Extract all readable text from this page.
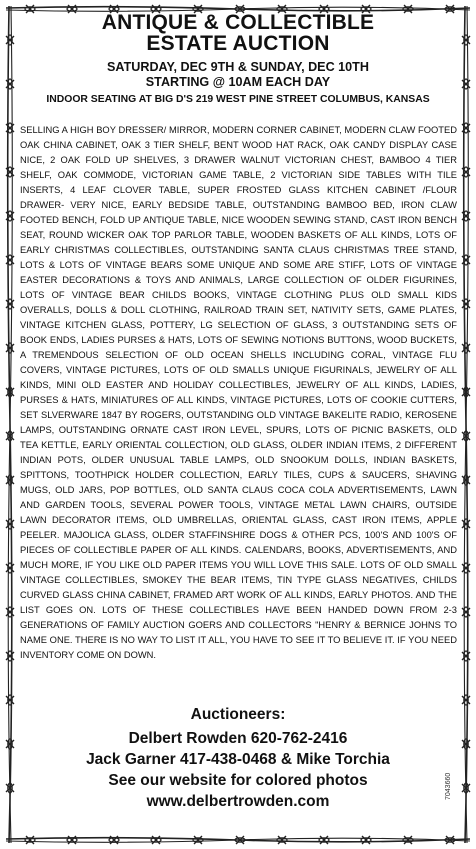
ANTIQUE & COLLECTIBLE
ESTATE AUCTION
SATURDAY, DEC 9TH & SUNDAY, DEC 10TH
STARTING @ 10AM EACH DAY
INDOOR SEATING AT BIG D'S 219 WEST PINE STREET COLUMBUS, KANSAS
SELLING A HIGH BOY DRESSER/ MIRROR, MODERN CORNER CABINET, MODERN CLAW FOOTED OAK CHINA CABINET, OAK 3 TIER SHELF, BENT WOOD HAT RACK, OAK CANDY DISPLAY CASE NICE, 2 OAK FOLD UP SHELVES, 3 DRAWER WALNUT VICTORIAN CHEST, BAMBOO 4 TIER SHELF, OAK COMMODE, VICTORIAN GAME TABLE, 2 VICTORIAN SIDE TABLES WITH TILE INSERTS, 4 LEAF CLOVER TABLE, SUPER FROSTED GLASS KITCHEN CABINET /FLOUR DRAWER- VERY NICE, EARLY BEDSIDE TABLE, OUTSTANDING BAMBOO BED, IRON CLAW FOOTED BENCH, FOLD UP ANTIQUE TABLE, NICE WOODEN SEWING STAND, CAST IRON BENCH SEAT, ROUND WICKER OAK TOP PARLOR TABLE, WOODEN BASKETS OF ALL KINDS, LOTS OF EARLY CHRISTMAS COLLECTIBLES, OUTSTANDING SANTA CLAUS CHRISTMAS TREE STAND, LOTS & LOTS OF VINTAGE BEARS SOME UNIQUE AND SOME ARE STIFF, LOTS OF VINTAGE EASTER DECORATIONS & TOYS AND ANIMALS, LARGE COLLECTION OF OLDER FIGURINES, LOTS OF VINTAGE BEAR CHILDS BOOKS, VINTAGE CLOTHING PLUS OLD SMALL KIDS OVERALLS, DOLLS & DOLL CLOTHING, RAILROAD TRAIN SET, NATIVITY SETS, GAME PLATES, VINTAGE KITCHEN GLASS, POTTERY, LG SELECTION OF GLASS, 3 OUTSTANDING SETS OF BOOK ENDS, LADIES PURSES & HATS, LOTS OF SEWING NOTIONS BUTTONS, WOOD BUCKETS, A TREMENDOUS SELECTION OF OLD OCEAN SHELLS INCLUDING CORAL, VINTAGE FLU COVERS, VINTAGE PICTURES, LOTS OF OLD SMALLS UNIQUE FIGURINALS, JEWELRY OF ALL KINDS, MINI OLD EASTER AND HOLIDAY COLLECTIBLES, JEWELRY OF ALL KINDS, LADIES, PURSES & HATS, MINIATURES OF ALL KINDS, VINTAGE PICTURES, LOTS OF COOKIE CUTTERS, SET SLVERWARE 1847 BY ROGERS, OUTSTANDING OLD VINTAGE BAKELITE RADIO, KEROSENE LAMPS, OUTSTANDING ORNATE CAST IRON LEVEL, SPURS, LOTS OF PICNIC BASKETS, OLD TEA KETTLE, EARLY ORIENTAL COLLECTION, OLD GLASS, OLDER INDIAN ITEMS, 2 DIFFERENT INDIAN POTS, OLDER UNUSUAL TABLE LAMPS, OLD SNOOKUM DOLLS, INDIAN BASKETS, SPITTONS, TOOTHPICK HOLDER COLLECTION, EARLY TILES, CUPS & SAUCERS, SHAVING MUGS, OLD JARS, POP BOTTLES, OLD SANTA CLAUS COCA COLA ADVERTISEMENTS, LAWN AND GARDEN TOOLS, SEVERAL POWER TOOLS, VINTAGE METAL LAWN CHAIRS, OUTSIDE LAWN DECORATOR ITEMS, OLD UMBRELLAS, ORIENTAL GLASS, CAST IRON ITEMS, APPLE PEELER. MAJOLICA GLASS, OLDER STAFFINSHIRE DOGS & OTHER PCS, 100'S AND 100'S OF PIECES OF COLLECTIBLE PAPER OF ALL KINDS. CALENDARS, BOOKS, ADVERTISEMENTS, AND MUCH MORE, IF YOU LIKE OLD PAPER ITEMS YOU WILL LOVE THIS SALE. LOTS OF OLD SMALL VINTAGE COLLECTIBLES, SMOKEY THE BEAR ITEMS, TIN TYPE GLASS NEGATIVES, CHILDS CURVED GLASS CHINA CABINET, FRAMED ART WORK OF ALL KINDS, EARLY PHOTOS. AND THE LIST GOES ON. LOTS OF THESE COLLECTIBLES HAVE BEEN HANDED DOWN FROM 2-3 GENERATIONS OF FAMILY AUCTION GOERS AND COLLECTORS "HENRY & BERNICE JOHNS TO NAME ONE. THERE IS NO WAY TO LIST IT ALL, YOU HAVE TO SEE IT TO BELIEVE IT. IF YOU NEED INVENTORY COME ON DOWN.
Auctioneers:
Delbert Rowden 620-762-2416
Jack Garner 417-438-0468 & Mike Torchia
See our website for colored photos
www.delbertrowden.com
7043660
